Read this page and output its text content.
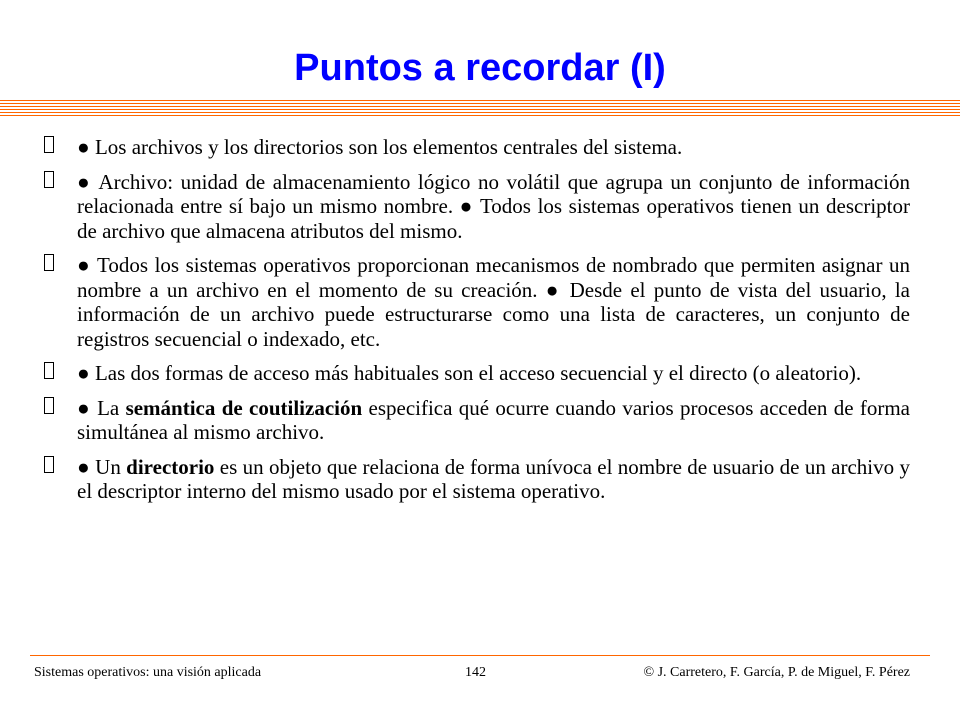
Puntos a recordar (I)
● Los archivos y los directorios son los elementos centrales del sistema.
● Archivo: unidad de almacenamiento lógico no volátil que agrupa un conjunto de información relacionada entre sí bajo un mismo nombre. ● Todos los sistemas operativos tienen un descriptor de archivo que almacena atributos del mismo.
● Todos los sistemas operativos proporcionan mecanismos de nombrado que permiten asignar un nombre a un archivo en el momento de su creación. ● Desde el punto de vista del usuario, la información de un archivo puede estructurarse como una lista de caracteres, un conjunto de registros secuencial o indexado, etc.
● Las dos formas de acceso más habituales son el acceso secuencial y el directo (o aleatorio).
● La semántica de coutilización especifica qué ocurre cuando varios procesos acceden de forma simultánea al mismo archivo.
● Un directorio es un objeto que relaciona de forma unívoca el nombre de usuario de un archivo y el descriptor interno del mismo usado por el sistema operativo.
Sistemas operativos: una visión aplicada	142	© J. Carretero, F. García, P. de Miguel, F. Pérez
